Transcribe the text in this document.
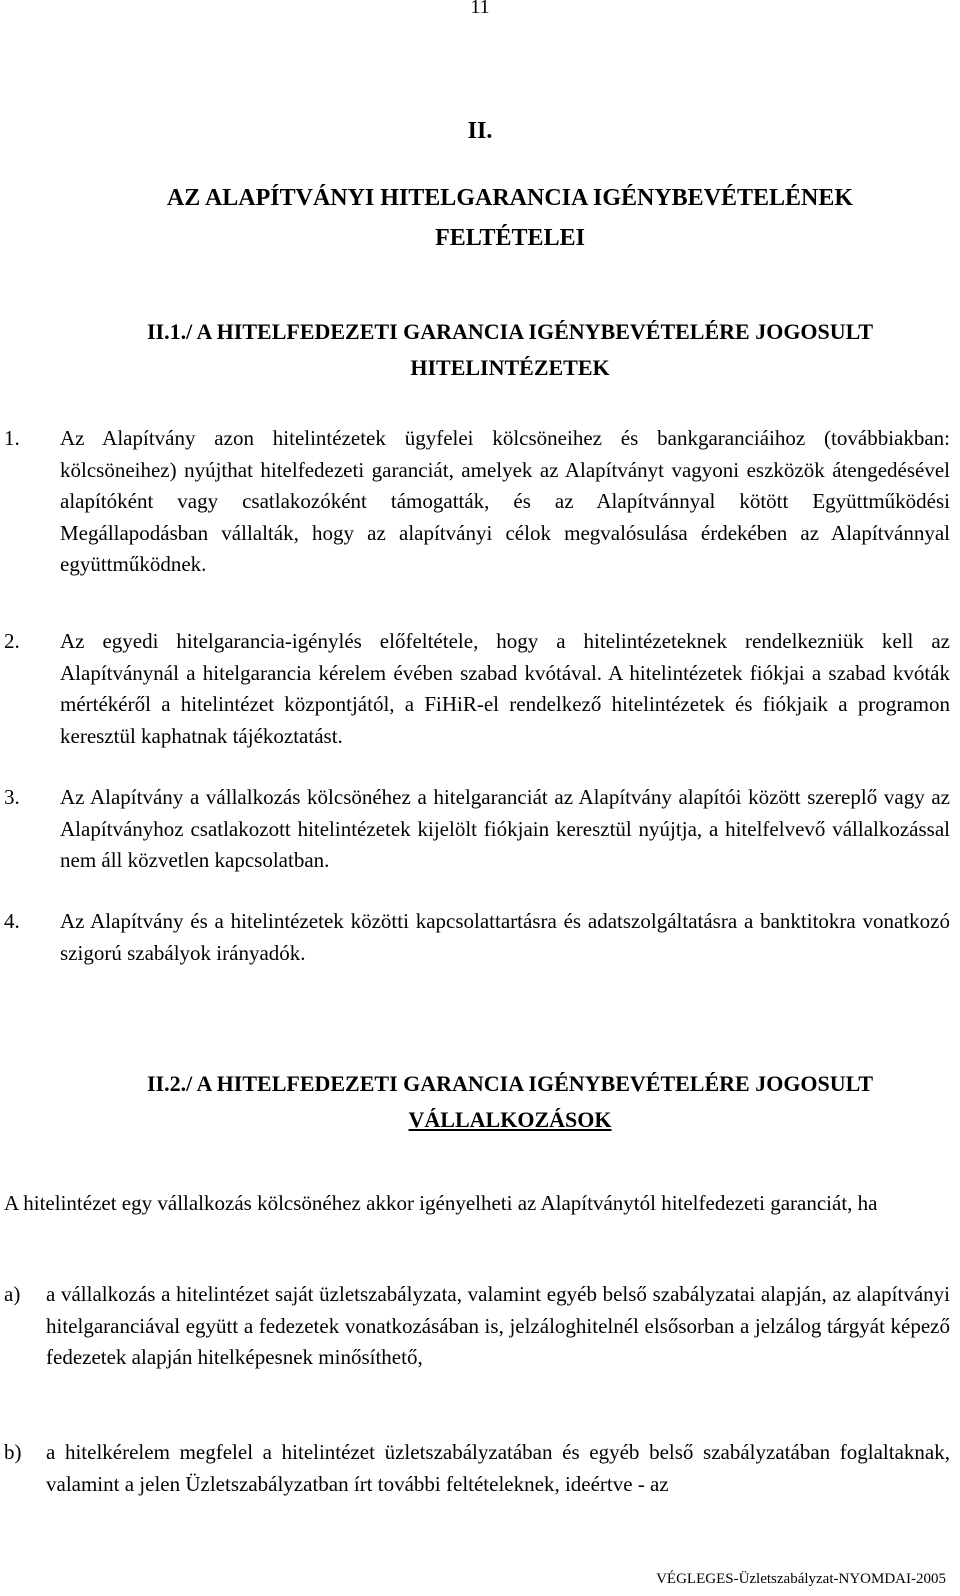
11
II.
AZ ALAPÍTVÁNYI HITELGARANCIA IGÉNYBEVÉTELÉNEK
FELTÉTELEI
II.1./ A HITELFEDEZETI GARANCIA IGÉNYBEVÉTELÉRE JOGOSULT
HITELINTÉZETEK
1. Az Alapítvány azon hitelintézetek ügyfelei kölcsöneihez és bankgaranciáihoz (továbbiakban: kölcsöneihez) nyújthat hitelfedezeti garanciát, amelyek az Alapítványt vagyoni eszközök átengedésével alapítóként vagy csatlakozóként támogatták, és az Alapítvánnyal kötött Együttműködési Megállapodásban vállalták, hogy az alapítványi célok megvalósulása érdekében az Alapítvánnyal együttműködnek.
2. Az egyedi hitelgarancia-igénylés előfeltétele, hogy a hitelintézeteknek rendelkezniük kell az Alapítványnál a hitelgarancia kérelem évében szabad kvótával. A hitelintézetek fiókjai a szabad kvóták mértékéről a hitelintézet központjától, a FiHiR-el rendelkező hitelintézetek és fiókjaik a programon keresztül kaphatnak tájékoztatást.
3. Az Alapítvány a vállalkozás kölcsönéhez a hitelgaranciát az Alapítvány alapítói között szereplő vagy az Alapítványhoz csatlakozott hitelintézetek kijelölt fiókjain keresztül nyújtja, a hitelfelvevő vállalkozással nem áll közvetlen kapcsolatban.
4. Az Alapítvány és a hitelintézetek közötti kapcsolattartásra és adatszolgáltatásra a banktitokra vonatkozó szigorú szabályok irányadók.
II.2./ A HITELFEDEZETI GARANCIA IGÉNYBEVÉTELÉRE JOGOSULT
VÁLLALKOZÁSOK
A hitelintézet egy vállalkozás kölcsönéhez akkor igényelheti az Alapítványtól hitelfedezeti garanciát, ha
a) a vállalkozás a hitelintézet saját üzletszabályzata, valamint egyéb belső szabályzatai alapján, az alapítványi hitelgaranciával együtt a fedezetek vonatkozásában is, jelzáloghitelnél elsősorban a jelzálog tárgyát képező fedezetek alapján hitelképesnek minősíthető,
b) a hitelkérelem megfelel a hitelintézet üzletszabályzatában és egyéb belső szabályzatában foglaltaknak, valamint a jelen Üzletszabályzatban írt további feltételeknek, ideértve - az
VÉGLEGES-Üzletszabályzat-NYOMDAI-2005
